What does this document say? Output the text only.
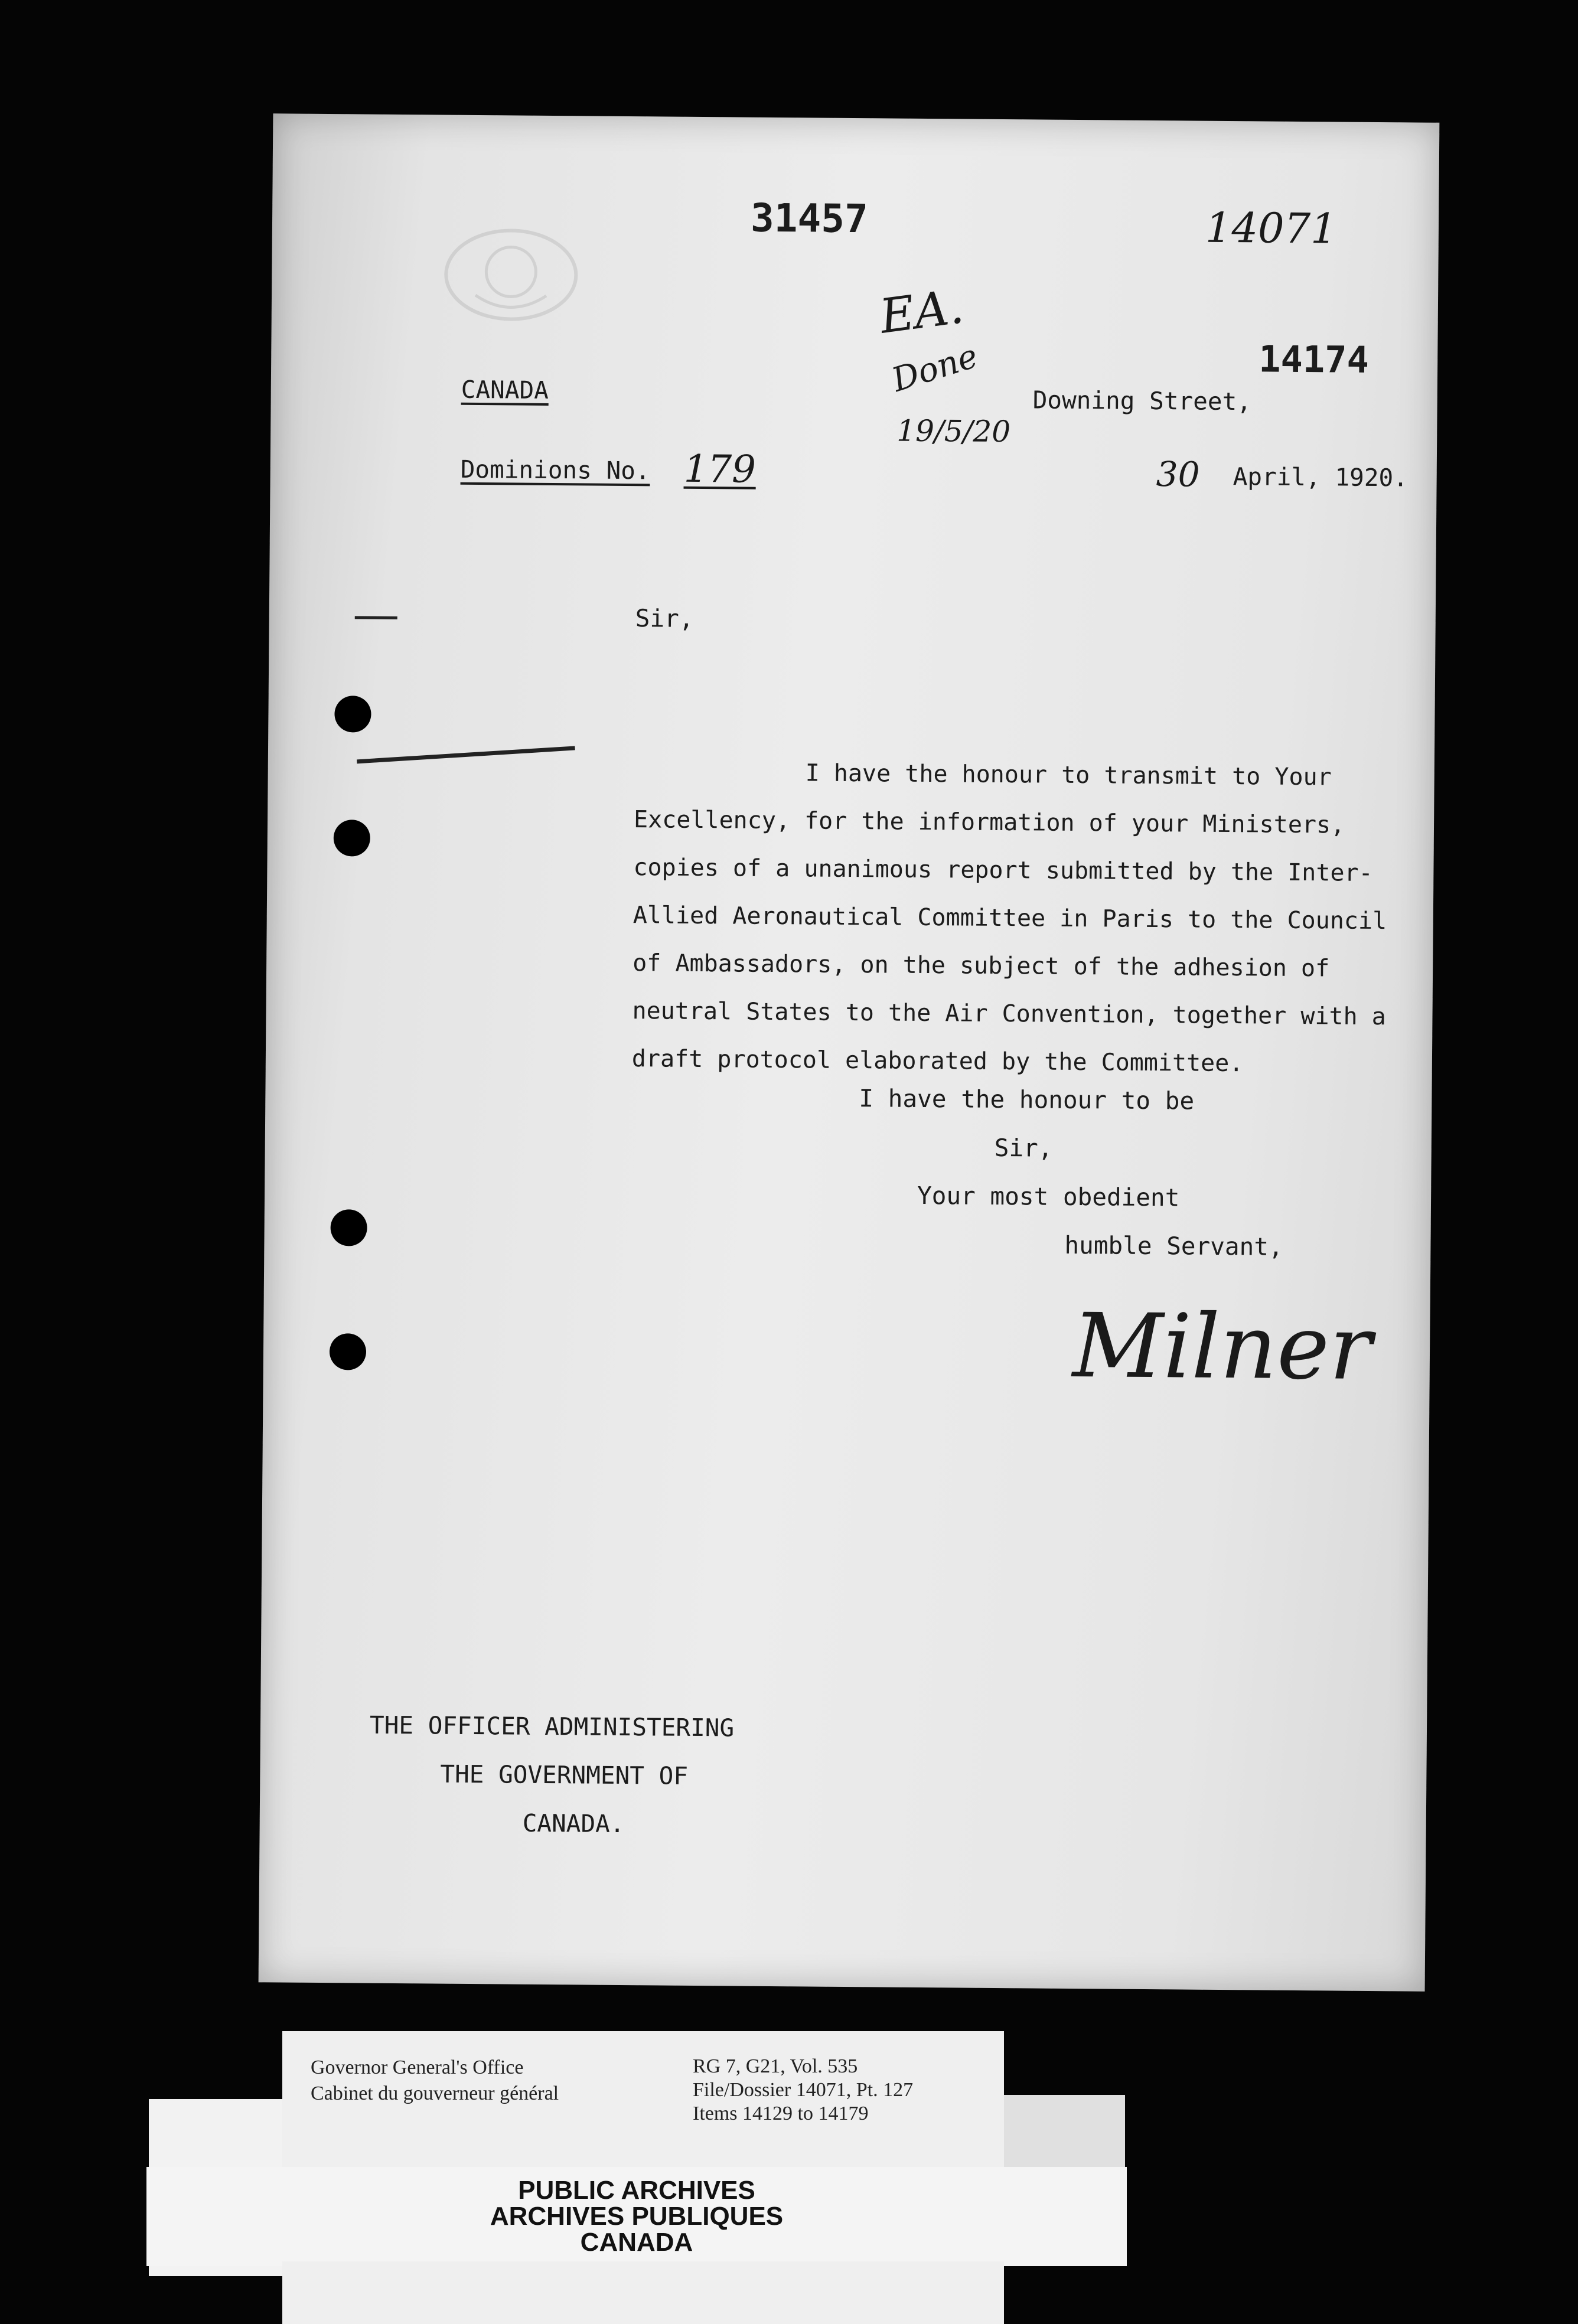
31457	14071
14174
EA.
Done
19/5/20
CANADA
Dominions No. 179
Downing Street,
30 April, 1920.
Sir,
I have the honour to transmit to Your
Excellency, for the information of your Ministers,
copies of a unanimous report submitted by the Inter-
Allied Aeronautical Committee in Paris to the Council
of Ambassadors, on the subject of the adhesion of
neutral States to the Air Convention, together with a
draft protocol elaborated by the Committee.
I have the honour to be
Sir,
Your most obedient
humble Servant,
Milner
THE OFFICER ADMINISTERING
THE GOVERNMENT OF
CANADA.
Governor General's Office
Cabinet du gouverneur général
RG 7, G21, Vol. 535
File/Dossier 14071, Pt. 127
Items 14129 to 14179
PUBLIC ARCHIVES
ARCHIVES PUBLIQUES
CANADA
